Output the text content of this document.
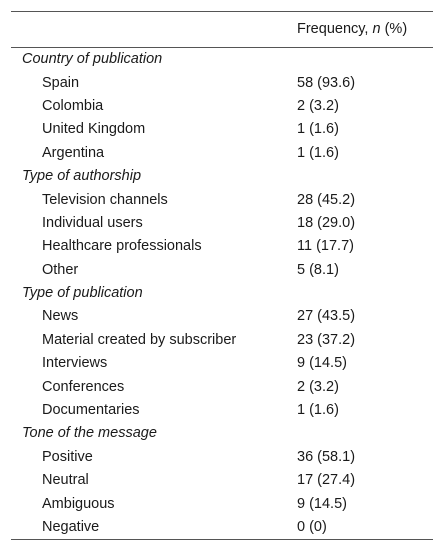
	Frequency, n (%)
Country of publication	
Spain	58 (93.6)
Colombia	2 (3.2)
United Kingdom	1 (1.6)
Argentina	1 (1.6)
Type of authorship	
Television channels	28 (45.2)
Individual users	18 (29.0)
Healthcare professionals	11 (17.7)
Other	5 (8.1)
Type of publication	
News	27 (43.5)
Material created by subscriber	23 (37.2)
Interviews	9 (14.5)
Conferences	2 (3.2)
Documentaries	1 (1.6)
Tone of the message	
Positive	36 (58.1)
Neutral	17 (27.4)
Ambiguous	9 (14.5)
Negative	0 (0)
